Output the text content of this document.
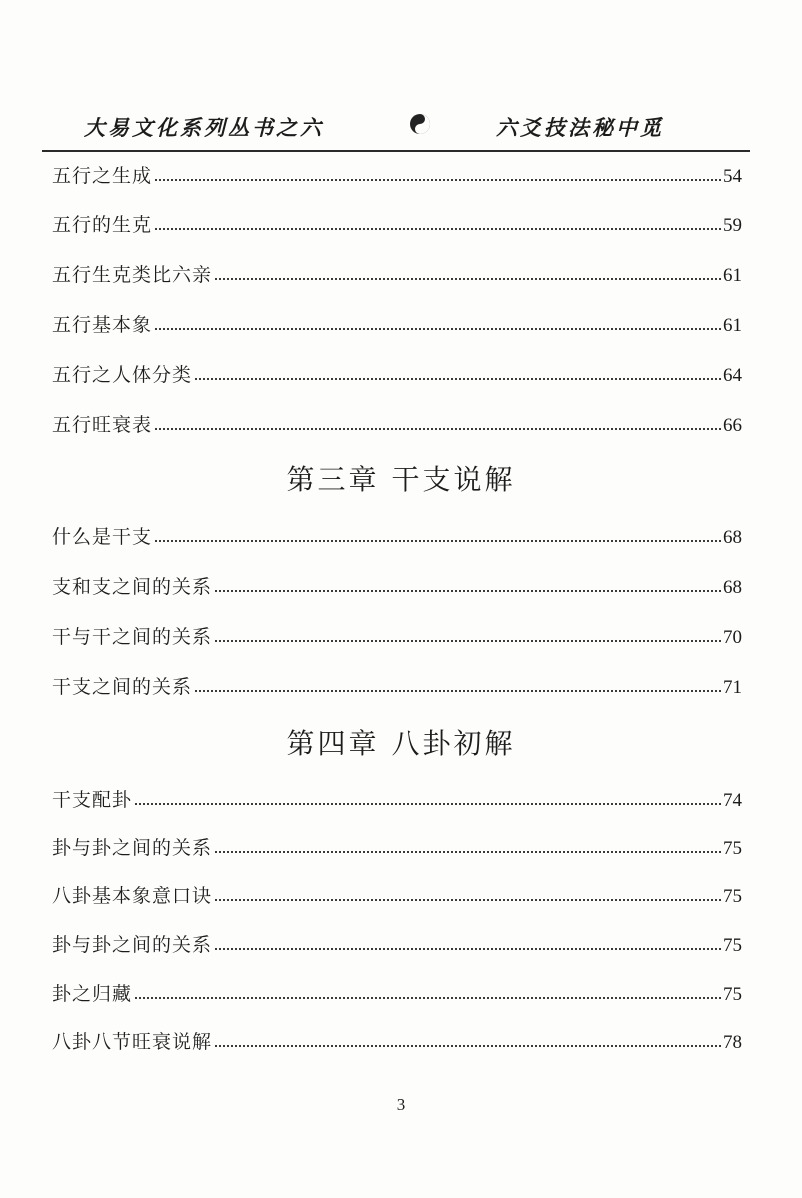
大易文化系列丛书之六	六爻技法秘中觅
五行之生成	54
五行的生克	59
五行生克类比六亲	61
五行基本象	61
五行之人体分类	64
五行旺衰表	66
第三章 干支说解
什么是干支	68
支和支之间的关系	68
干与干之间的关系	70
干支之间的关系	71
第四章 八卦初解
干支配卦	74
卦与卦之间的关系	75
八卦基本象意口诀	75
卦与卦之间的关系	75
卦之归藏	75
八卦八节旺衰说解	78
3
